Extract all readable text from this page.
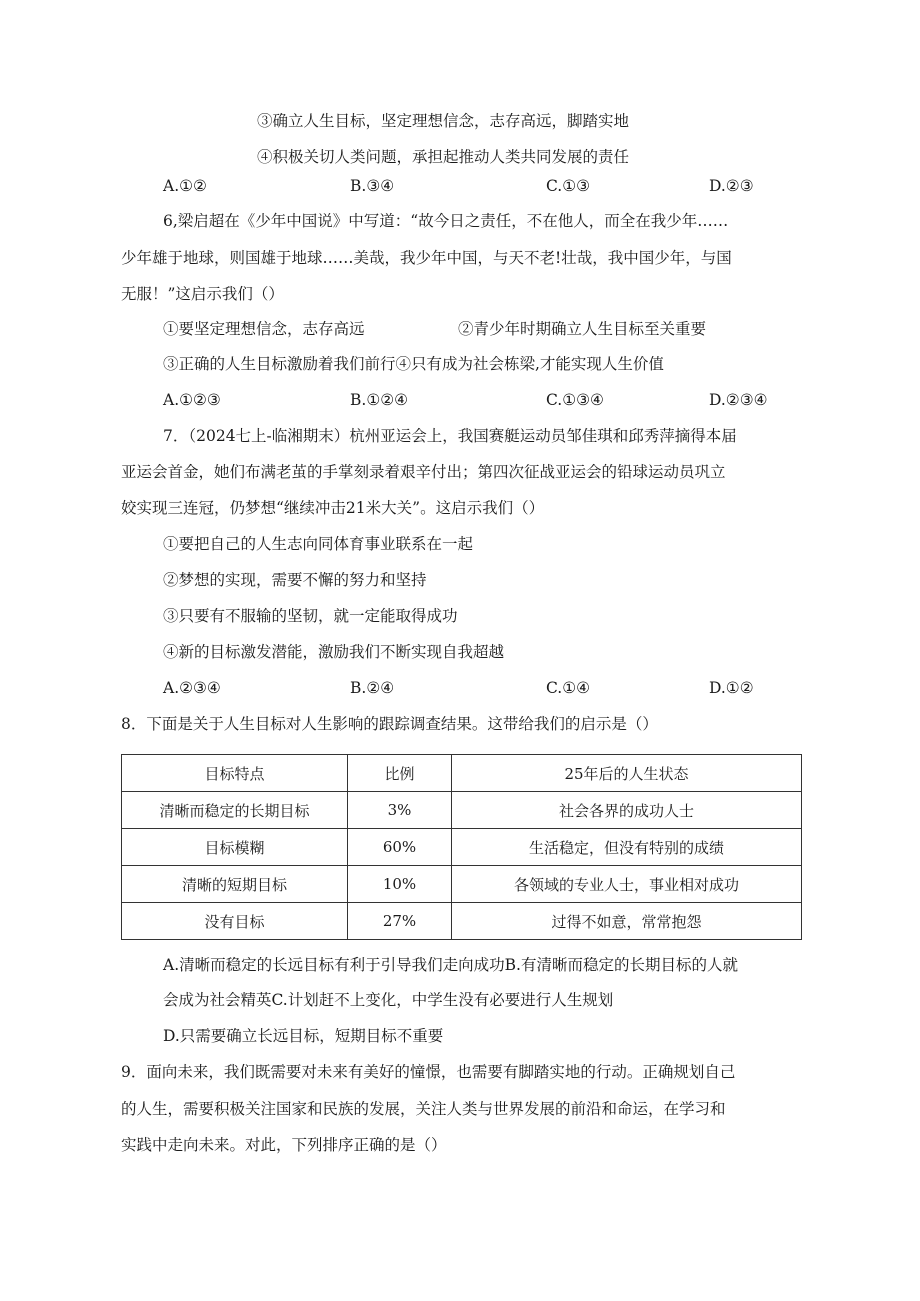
③确立人生目标，坚定理想信念，志存高远，脚踏实地
④积极关切人类问题，承担起推动人类共同发展的责任
A.①②	B.③④	C.①③	D.②③
6,梁启超在《少年中国说》中写道：“故今日之责任，不在他人，而全在我少年……
少年雄于地球，则国雄于地球……美哉，我少年中国，与天不老!壮哉，我中国少年，与国
无服！”这启示我们（）
①要坚定理想信念，志存高远	②青少年时期确立人生目标至关重要
③正确的人生目标激励着我们前行④只有成为社会栋梁,才能实现人生价值
A.①②③	B.①②④	C.①③④	D.②③④
7．（2024七上-临湘期末）杭州亚运会上，我国赛艇运动员邹佳琪和邱秀萍摘得本届
亚运会首金，她们布满老茧的手掌刻录着艰辛付出；第四次征战亚运会的铅球运动员巩立
姣实现三连冠，仍梦想“继续冲击21米大关”。这启示我们（）
①要把自己的人生志向同体育事业联系在一起
②梦想的实现，需要不懈的努力和坚持
③只要有不服输的坚韧，就一定能取得成功
④新的目标激发潜能，激励我们不断实现自我超越
A.②③④	B.②④	C.①④	D.①②
8．下面是关于人生目标对人生影响的跟踪调查结果。这带给我们的启示是（）
目标特点	比例	25年后的人生状态
清晰而稳定的长期目标	3%	社会各界的成功人士
目标模糊	60%	生活稳定，但没有特别的成绩
清晰的短期目标	10%	各领域的专业人士，事业相对成功
没有目标	27%	过得不如意，常常抱怨
A.清晰而稳定的长远目标有利于引导我们走向成功B.有清晰而稳定的长期目标的人就
会成为社会精英C.计划赶不上变化，中学生没有必要进行人生规划
D.只需要确立长远目标，短期目标不重要
9．面向未来，我们既需要对未来有美好的憧憬，也需要有脚踏实地的行动。正确规划自己
的人生，需要积极关注国家和民族的发展，关注人类与世界发展的前沿和命运，在学习和
实践中走向未来。对此，下列排序正确的是（）
